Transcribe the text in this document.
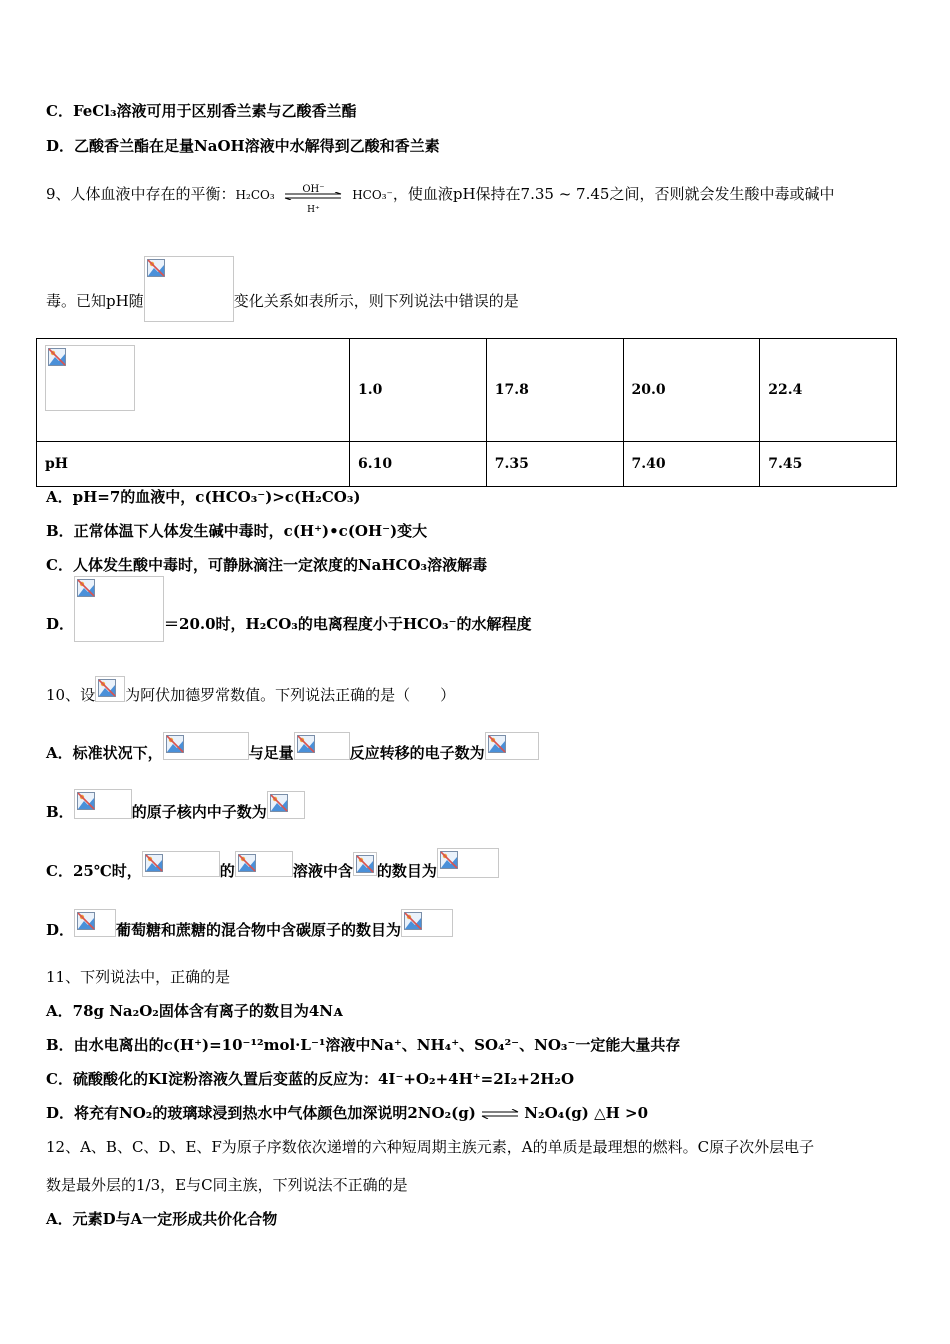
C．FeCl₃溶液可用于区别香兰素与乙酸香兰酯
D．乙酸香兰酯在足量NaOH溶液中水解得到乙酸和香兰素
9、人体血液中存在的平衡：H₂CO₃	OH⁻
H⁺
HCO₃⁻，使血液pH保持在7.35 ~ 7.45之间，否则就会发生酸中毒或碱中
毒。已知pH随	变化关系如表所示，则下列说法中错误的是
	1.0	17.8	20.0	22.4
pH	6.10	7.35	7.40	7.45
A．pH=7的血液中，c(HCO₃⁻)>c(H₂CO₃)
B．正常体温下人体发生碱中毒时，c(H⁺)•c(OH⁻)变大
C．人体发生酸中毒时，可静脉滴注一定浓度的NaHCO₃溶液解毒
D．	＝20.0时，H₂CO₃的电离程度小于HCO₃⁻的水解程度
10、设 为阿伏加德罗常数值。下列说法正确的是（　　）
A．标准状况下，	与足量	反应转移的电子数为
B．	的原子核内中子数为
C．25℃时，	的	溶液中含 的数目为
D．	葡萄糖和蔗糖的混合物中含碳原子的数目为
11、下列说法中，正确的是
A．78g Na₂O₂固体含有离子的数目为4Nᴀ
B．由水电离出的c(H⁺)=10⁻¹²mol·L⁻¹溶液中Na⁺、NH₄⁺、SO₄²⁻、NO₃⁻一定能大量共存
C．硫酸酸化的KI淀粉溶液久置后变蓝的反应为：4I⁻+O₂+4H⁺=2I₂+2H₂O
D．将充有NO₂的玻璃球浸到热水中气体颜色加深说明2NO₂(g) ⇌ N₂O₄(g) △H >0
12、A、B、C、D、E、F为原子序数依次递增的六种短周期主族元素，A的单质是最理想的燃料。C原子次外层电子
数是最外层的1/3，E与C同主族，下列说法不正确的是
A．元素D与A一定形成共价化合物
